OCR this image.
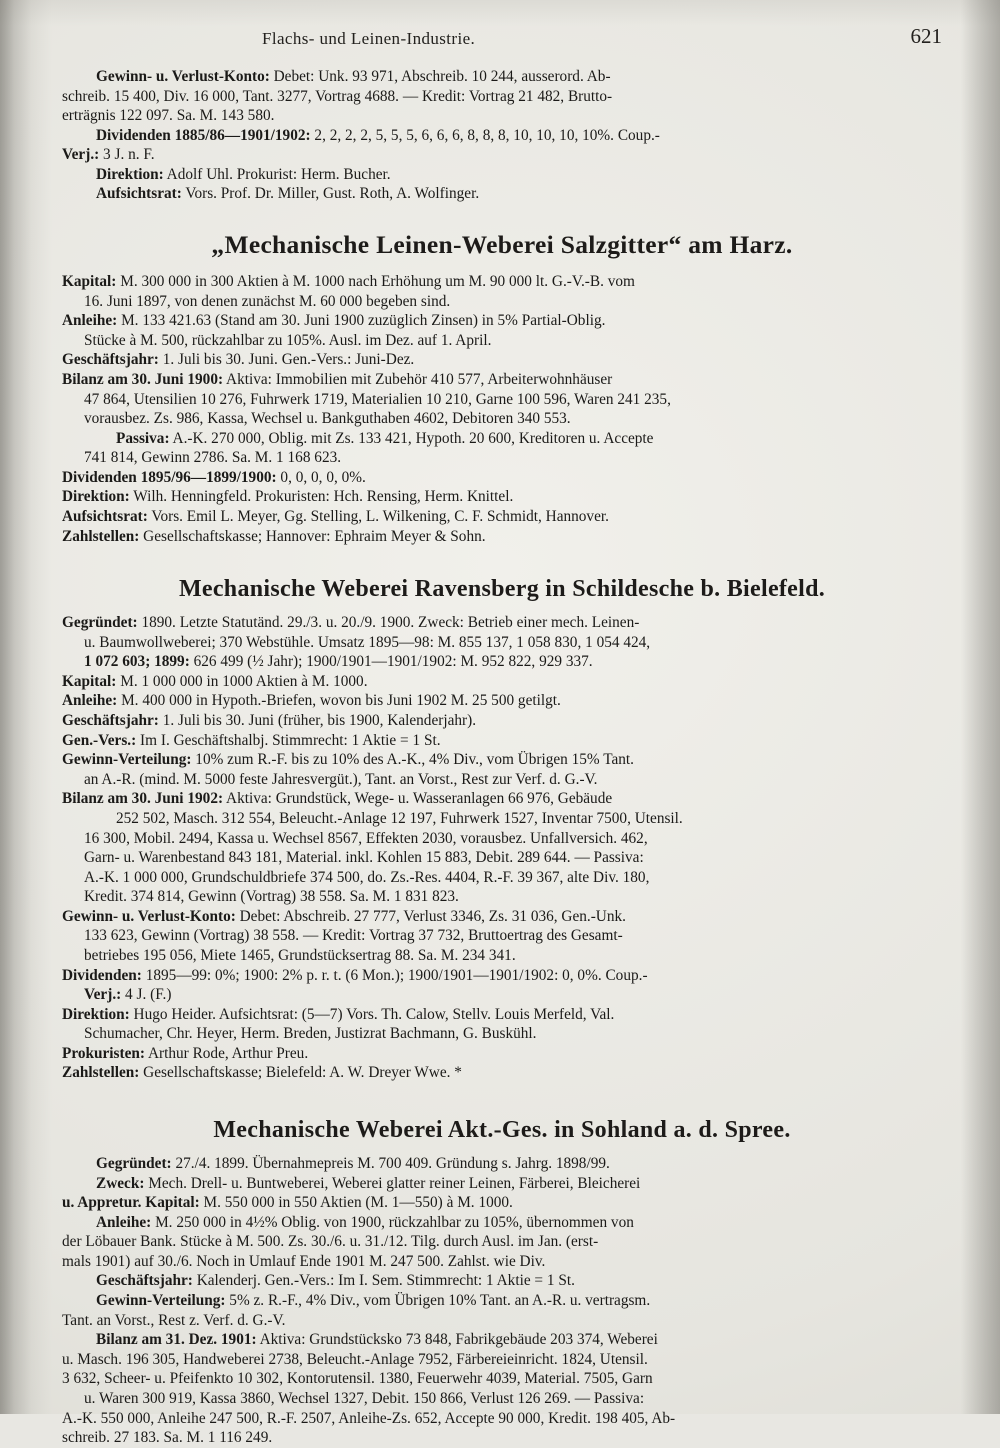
Flachs- und Leinen-Industrie.	621
Gewinn- u. Verlust-Konto: Debet: Unk. 93 971, Abschreib. 10 244, ausserord. Ab-
schreib. 15 400, Div. 16 000, Tant. 3277, Vortrag 4688. — Kredit: Vortrag 21 482, Brutto-
erträgnis 122 097. Sa. M. 143 580.
Dividenden 1885/86—1901/1902: 2, 2, 2, 2, 5, 5, 5, 6, 6, 6, 8, 8, 8, 10, 10, 10, 10%. Coup.-
Verj.: 3 J. n. F.
Direktion: Adolf Uhl. Prokurist: Herm. Bucher.
Aufsichtsrat: Vors. Prof. Dr. Miller, Gust. Roth, A. Wolfinger.
„Mechanische Leinen-Weberei Salzgitter“ am Harz.
Kapital: M. 300 000 in 300 Aktien à M. 1000 nach Erhöhung um M. 90 000 lt. G.-V.-B. vom
16. Juni 1897, von denen zunächst M. 60 000 begeben sind.
Anleihe: M. 133 421.63 (Stand am 30. Juni 1900 zuzüglich Zinsen) in 5% Partial-Oblig.
Stücke à M. 500, rückzahlbar zu 105%. Ausl. im Dez. auf 1. April.
Geschäftsjahr: 1. Juli bis 30. Juni. Gen.-Vers.: Juni-Dez.
Bilanz am 30. Juni 1900: Aktiva: Immobilien mit Zubehör 410 577, Arbeiterwohnhäuser
47 864, Utensilien 10 276, Fuhrwerk 1719, Materialien 10 210, Garne 100 596, Waren 241 235,
vorausbez. Zs. 986, Kassa, Wechsel u. Bankguthaben 4602, Debitoren 340 553.
Passiva: A.-K. 270 000, Oblig. mit Zs. 133 421, Hypoth. 20 600, Kreditoren u. Accepte
741 814, Gewinn 2786. Sa. M. 1 168 623.
Dividenden 1895/96—1899/1900: 0, 0, 0, 0, 0%.
Direktion: Wilh. Henningfeld. Prokuristen: Hch. Rensing, Herm. Knittel.
Aufsichtsrat: Vors. Emil L. Meyer, Gg. Stelling, L. Wilkening, C. F. Schmidt, Hannover.
Zahlstellen: Gesellschaftskasse; Hannover: Ephraim Meyer & Sohn.
Mechanische Weberei Ravensberg in Schildesche b. Bielefeld.
Gegründet: 1890. Letzte Statutänd. 29./3. u. 20./9. 1900. Zweck: Betrieb einer mech. Leinen-
u. Baumwollweberei; 370 Webstühle. Umsatz 1895—98: M. 855 137, 1 058 830, 1 054 424,
1 072 603; 1899: 626 499 (½ Jahr); 1900/1901—1901/1902: M. 952 822, 929 337.
Kapital: M. 1 000 000 in 1000 Aktien à M. 1000.
Anleihe: M. 400 000 in Hypoth.-Briefen, wovon bis Juni 1902 M. 25 500 getilgt.
Geschäftsjahr: 1. Juli bis 30. Juni (früher, bis 1900, Kalenderjahr).
Gen.-Vers.: Im I. Geschäftshalbj. Stimmrecht: 1 Aktie = 1 St.
Gewinn-Verteilung: 10% zum R.-F. bis zu 10% des A.-K., 4% Div., vom Übrigen 15% Tant.
an A.-R. (mind. M. 5000 feste Jahresvergüt.), Tant. an Vorst., Rest zur Verf. d. G.-V.
Bilanz am 30. Juni 1902: Aktiva: Grundstück, Wege- u. Wasseranlagen 66 976, Gebäude
252 502, Masch. 312 554, Beleucht.-Anlage 12 197, Fuhrwerk 1527, Inventar 7500, Utensil.
16 300, Mobil. 2494, Kassa u. Wechsel 8567, Effekten 2030, vorausbez. Unfallversich. 462,
Garn- u. Warenbestand 843 181, Material. inkl. Kohlen 15 883, Debit. 289 644. — Passiva:
A.-K. 1 000 000, Grundschuldbriefe 374 500, do. Zs.-Res. 4404, R.-F. 39 367, alte Div. 180,
Kredit. 374 814, Gewinn (Vortrag) 38 558. Sa. M. 1 831 823.
Gewinn- u. Verlust-Konto: Debet: Abschreib. 27 777, Verlust 3346, Zs. 31 036, Gen.-Unk.
133 623, Gewinn (Vortrag) 38 558. — Kredit: Vortrag 37 732, Bruttoertrag des Gesamt-
betriebes 195 056, Miete 1465, Grundstücksertrag 88. Sa. M. 234 341.
Dividenden: 1895—99: 0%; 1900: 2% p. r. t. (6 Mon.); 1900/1901—1901/1902: 0, 0%. Coup.-
Verj.: 4 J. (F.)
Direktion: Hugo Heider. Aufsichtsrat: (5—7) Vors. Th. Calow, Stellv. Louis Merfeld, Val.
Schumacher, Chr. Heyer, Herm. Breden, Justizrat Bachmann, G. Buskühl.
Prokuristen: Arthur Rode, Arthur Preu.
Zahlstellen: Gesellschaftskasse; Bielefeld: A. W. Dreyer Wwe. *
Mechanische Weberei Akt.-Ges. in Sohland a. d. Spree.
Gegründet: 27./4. 1899. Übernahmepreis M. 700 409. Gründung s. Jahrg. 1898/99.
Zweck: Mech. Drell- u. Buntweberei, Weberei glatter reiner Leinen, Färberei, Bleicherei
u. Appretur. Kapital: M. 550 000 in 550 Aktien (M. 1—550) à M. 1000.
Anleihe: M. 250 000 in 4½% Oblig. von 1900, rückzahlbar zu 105%, übernommen von
der Löbauer Bank. Stücke à M. 500. Zs. 30./6. u. 31./12. Tilg. durch Ausl. im Jan. (erst-
mals 1901) auf 30./6. Noch in Umlauf Ende 1901 M. 247 500. Zahlst. wie Div.
Geschäftsjahr: Kalenderj. Gen.-Vers.: Im I. Sem. Stimmrecht: 1 Aktie = 1 St.
Gewinn-Verteilung: 5% z. R.-F., 4% Div., vom Übrigen 10% Tant. an A.-R. u. vertragsm.
Tant. an Vorst., Rest z. Verf. d. G.-V.
Bilanz am 31. Dez. 1901: Aktiva: Grundstücksko 73 848, Fabrikgebäude 203 374, Weberei
u. Masch. 196 305, Handweberei 2738, Beleucht.-Anlage 7952, Färbereieinricht. 1824, Utensil.
3 632, Scheer- u. Pfeifenkto 10 302, Kontorutensil. 1380, Feuerwehr 4039, Material. 7505, Garn
u. Waren 300 919, Kassa 3860, Wechsel 1327, Debit. 150 866, Verlust 126 269. — Passiva:
A.-K. 550 000, Anleihe 247 500, R.-F. 2507, Anleihe-Zs. 652, Accepte 90 000, Kredit. 198 405, Ab-
schreib. 27 183. Sa. M. 1 116 249.
